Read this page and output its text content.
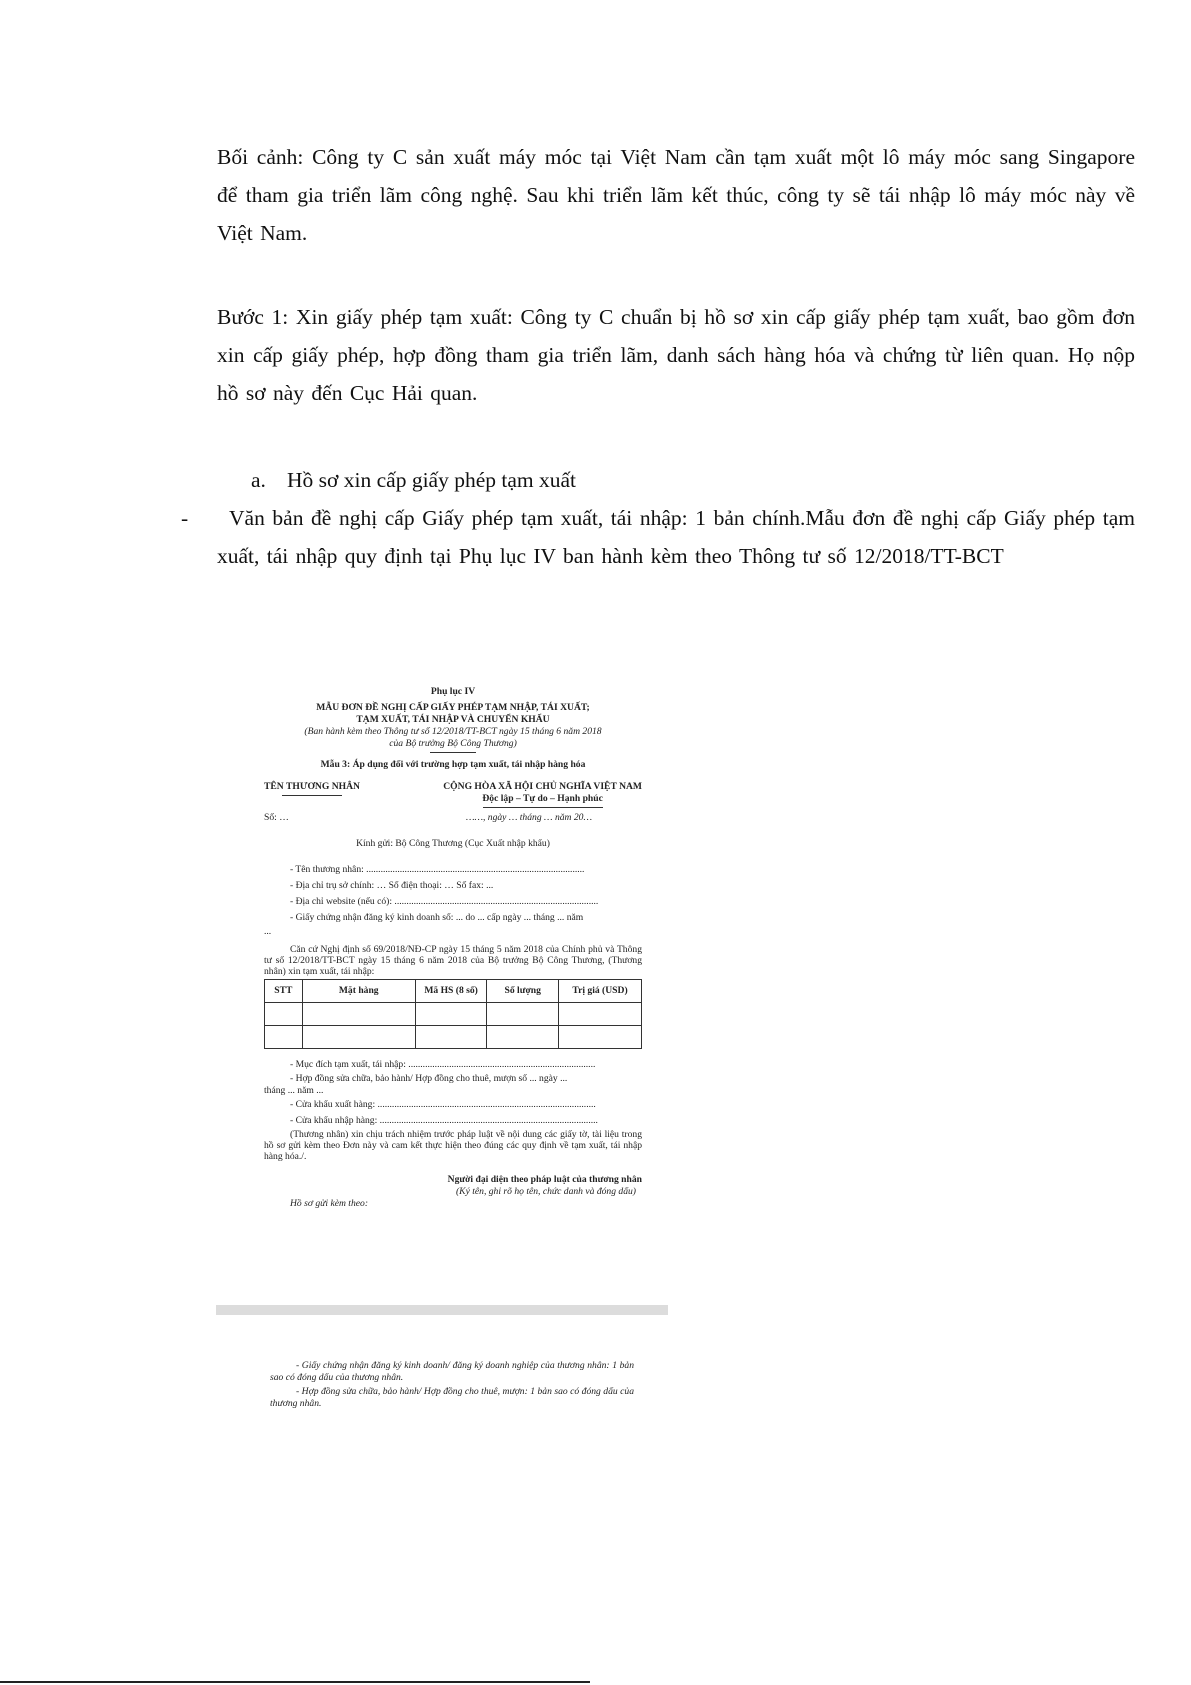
Bối cảnh: Công ty C sản xuất máy móc tại Việt Nam cần tạm xuất một lô máy móc sang Singapore để tham gia triển lãm công nghệ. Sau khi triển lãm kết thúc, công ty sẽ tái nhập lô máy móc này về Việt Nam.
Bước 1: Xin giấy phép tạm xuất: Công ty C chuẩn bị hồ sơ xin cấp giấy phép tạm xuất, bao gồm đơn xin cấp giấy phép, hợp đồng tham gia triển lãm, danh sách hàng hóa và chứng từ liên quan. Họ nộp hồ sơ này đến Cục Hải quan.
a. Hồ sơ xin cấp giấy phép tạm xuất
-	Văn bản đề nghị cấp Giấy phép tạm xuất, tái nhập: 1 bản chính.Mẫu đơn đề nghị cấp Giấy phép tạm xuất, tái nhập quy định tại Phụ lục IV ban hành kèm theo Thông tư số 12/2018/TT-BCT
Phụ lục IV
MẪU ĐƠN ĐỀ NGHỊ CẤP GIẤY PHÉP TẠM NHẬP, TÁI XUẤT;
TẠM XUẤT, TÁI NHẬP VÀ CHUYỂN KHẨU
(Ban hành kèm theo Thông tư số 12/2018/TT-BCT ngày 15 tháng 6 năm 2018
của Bộ trưởng Bộ Công Thương)
Mẫu 3: Áp dụng đối với trường hợp tạm xuất, tái nhập hàng hóa
TÊN THƯƠNG NHÂN	CỘNG HÒA XÃ HỘI CHỦ NGHĨA VIỆT NAM
Độc lập – Tự do – Hạnh phúc
Số: …	……, ngày … tháng … năm 20…
Kính gửi: Bộ Công Thương (Cục Xuất nhập khẩu)
- Tên thương nhân: ...........................................................................................
- Địa chỉ trụ sở chính: … Số điện thoại: … Số fax: ...
- Địa chỉ website (nếu có): .....................................................................................
- Giấy chứng nhận đăng ký kinh doanh số: ... do ... cấp ngày ... tháng ... năm
...
Căn cứ Nghị định số 69/2018/NĐ-CP ngày 15 tháng 5 năm 2018 của Chính phủ và Thông tư số 12/2018/TT-BCT ngày 15 tháng 6 năm 2018 của Bộ trưởng Bộ Công Thương, (Thương nhân) xin tạm xuất, tái nhập:
STT	Mặt hàng	Mã HS (8 số)	Số lượng	Trị giá (USD)

- Mục đích tạm xuất, tái nhập: ..............................................................................
- Hợp đồng sửa chữa, bảo hành/ Hợp đồng cho thuê, mượn số ... ngày ...
tháng ... năm ...
- Cửa khẩu xuất hàng: ...........................................................................................
- Cửa khẩu nhập hàng: ...........................................................................................
(Thương nhân) xin chịu trách nhiệm trước pháp luật về nội dung các giấy tờ, tài liệu trong hồ sơ gửi kèm theo Đơn này và cam kết thực hiện theo đúng các quy định về tạm xuất, tái nhập hàng hóa./.
Người đại diện theo pháp luật của thương nhân
(Ký tên, ghi rõ họ tên, chức danh và đóng dấu)
Hồ sơ gửi kèm theo:

- Giấy chứng nhận đăng ký kinh doanh/ đăng ký doanh nghiệp của thương nhân: 1 bản sao có đóng dấu của thương nhân.

- Hợp đồng sửa chữa, bảo hành/ Hợp đồng cho thuê, mượn: 1 bản sao có đóng dấu của thương nhân.
